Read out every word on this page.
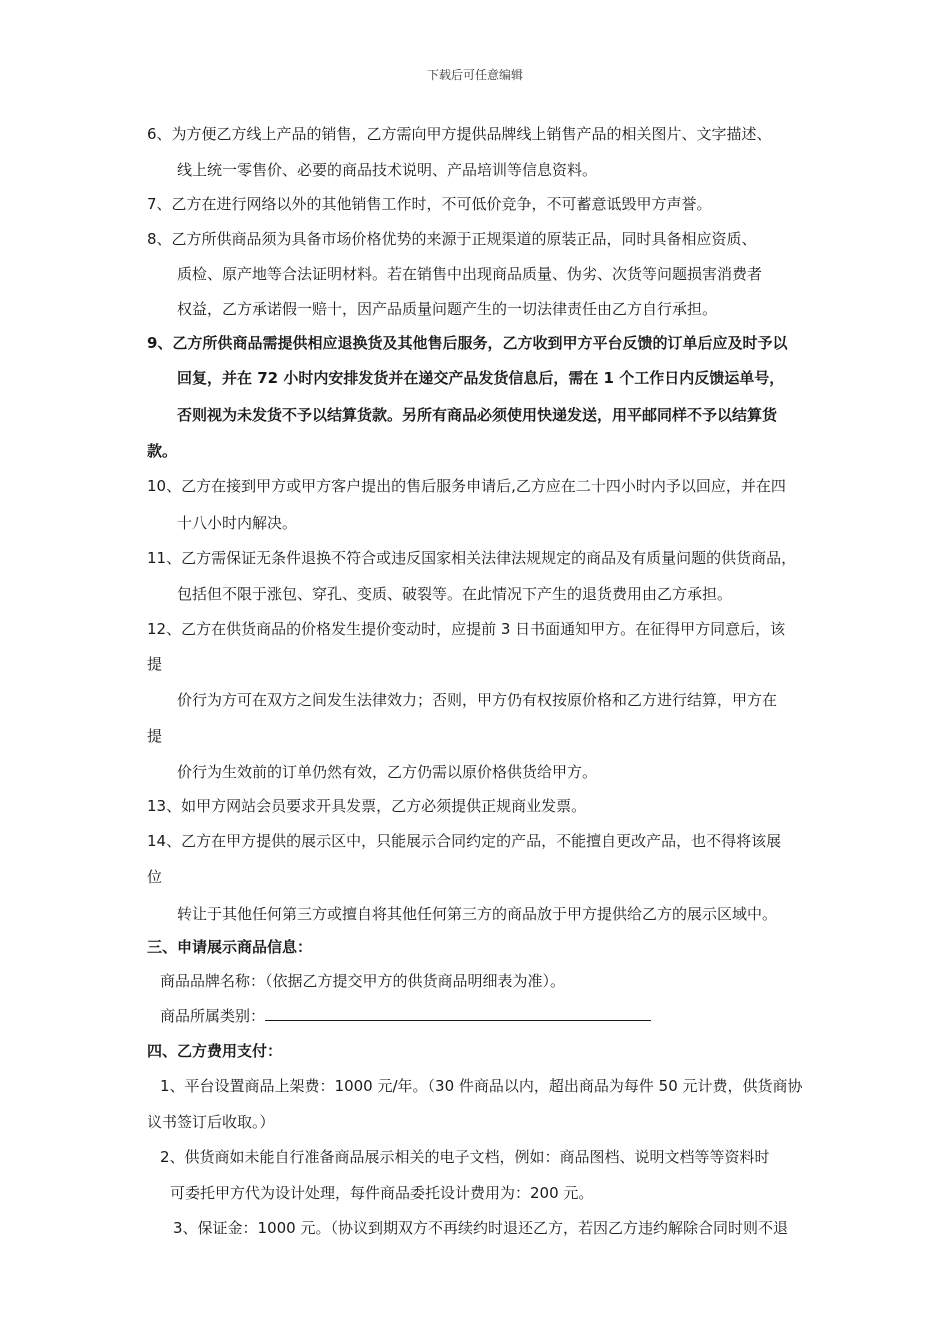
下载后可任意编辑
6、为方便乙方线上产品的销售，乙方需向甲方提供品牌线上销售产品的相关图片、文字描述、
线上统一零售价、必要的商品技术说明、产品培训等信息资料。
7、乙方在进行网络以外的其他销售工作时，不可低价竞争，不可蓄意诋毁甲方声誉。
8、乙方所供商品须为具备市场价格优势的来源于正规渠道的原装正品，同时具备相应资质、
质检、原产地等合法证明材料。若在销售中出现商品质量、伪劣、次货等问题损害消费者
权益，乙方承诺假一赔十，因产品质量问题产生的一切法律责任由乙方自行承担。
9、乙方所供商品需提供相应退换货及其他售后服务，乙方收到甲方平台反馈的订单后应及时予以
回复，并在 72 小时内安排发货并在递交产品发货信息后，需在 1 个工作日内反馈运单号，
否则视为未发货不予以结算货款。另所有商品必须使用快递发送，用平邮同样不予以结算货
款。
10、乙方在接到甲方或甲方客户提出的售后服务申请后,乙方应在二十四小时内予以回应，并在四
十八小时内解决。
11、乙方需保证无条件退换不符合或违反国家相关法律法规规定的商品及有质量问题的供货商品，
包括但不限于涨包、穿孔、变质、破裂等。在此情况下产生的退货费用由乙方承担。
12、乙方在供货商品的价格发生提价变动时，应提前 3 日书面通知甲方。在征得甲方同意后，该
提
价行为方可在双方之间发生法律效力；否则，甲方仍有权按原价格和乙方进行结算，甲方在
提
价行为生效前的订单仍然有效，乙方仍需以原价格供货给甲方。
13、如甲方网站会员要求开具发票，乙方必须提供正规商业发票。
14、乙方在甲方提供的展示区中，只能展示合同约定的产品，不能擅自更改产品，也不得将该展
位
转让于其他任何第三方或擅自将其他任何第三方的商品放于甲方提供给乙方的展示区域中。
三、申请展示商品信息：
商品品牌名称：（依据乙方提交甲方的供货商品明细表为准）。
商品所属类别：
四、乙方费用支付：
1、平台设置商品上架费：1000 元/年。（30 件商品以内，超出商品为每件 50 元计费，供货商协
议书签订后收取。）
2、供货商如未能自行准备商品展示相关的电子文档，例如：商品图档、说明文档等等资料时
可委托甲方代为设计处理，每件商品委托设计费用为：200 元。
3、保证金：1000 元。（协议到期双方不再续约时退还乙方，若因乙方违约解除合同时则不退
